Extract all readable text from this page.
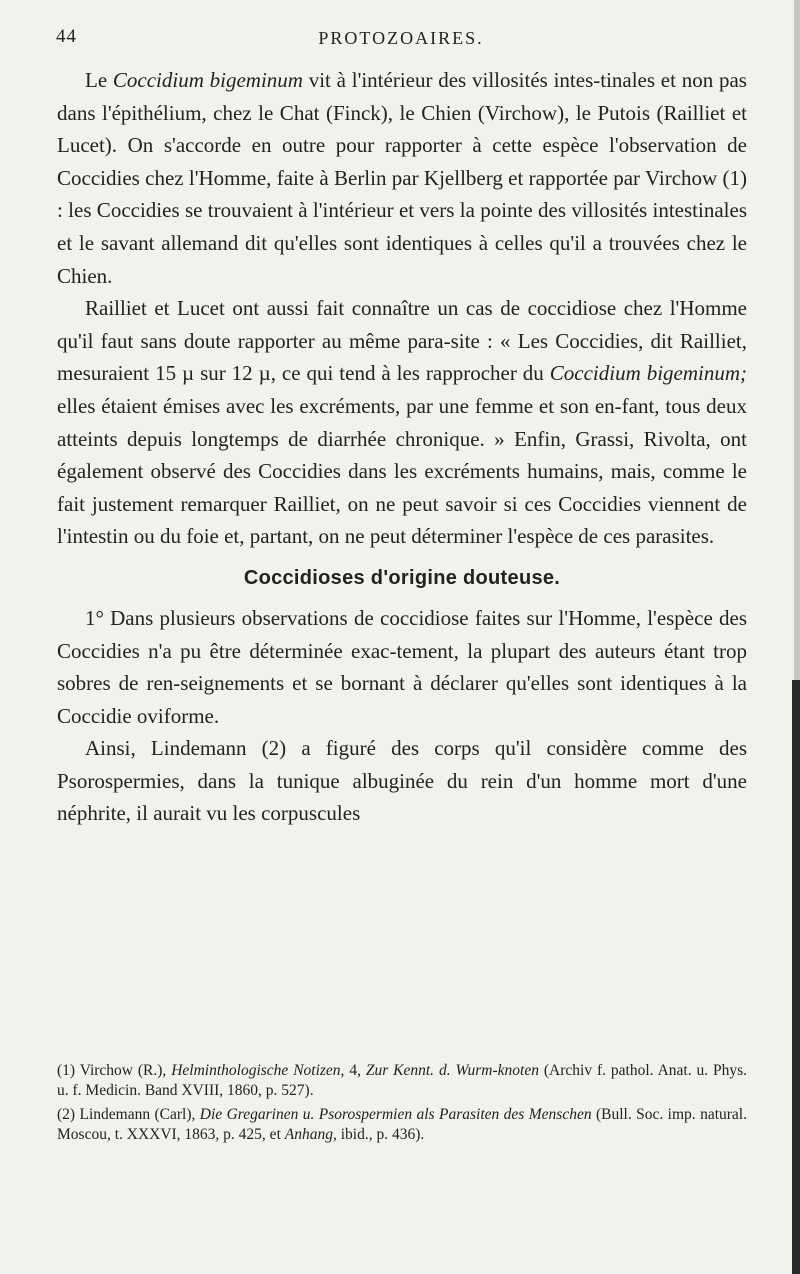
44	PROTOZOAIRES.

Le Coccidium bigeminum vit à l'intérieur des villosités intes-tinales et non pas dans l'épithélium, chez le Chat (Finck), le Chien (Virchow), le Putois (Railliet et Lucet). On s'accorde en outre pour rapporter à cette espèce l'observation de Coccidies chez l'Homme, faite à Berlin par Kjellberg et rapportée par Virchow (1) : les Coccidies se trouvaient à l'intérieur et vers la pointe des villosités intestinales et le savant allemand dit qu'elles sont identiques à celles qu'il a trouvées chez le Chien.

Railliet et Lucet ont aussi fait connaître un cas de coccidiose chez l'Homme qu'il faut sans doute rapporter au même para-site : « Les Coccidies, dit Railliet, mesuraient 15 µ sur 12 µ, ce qui tend à les rapprocher du Coccidium bigeminum; elles étaient émises avec les excréments, par une femme et son en-fant, tous deux atteints depuis longtemps de diarrhée chronique. » Enfin, Grassi, Rivolta, ont également observé des Coccidies dans les excréments humains, mais, comme le fait justement remarquer Railliet, on ne peut savoir si ces Coccidies viennent de l'intestin ou du foie et, partant, on ne peut déterminer l'espèce de ces parasites.

Coccidioses d'origine douteuse.

1° Dans plusieurs observations de coccidiose faites sur l'Homme, l'espèce des Coccidies n'a pu être déterminée exac-tement, la plupart des auteurs étant trop sobres de ren-seignements et se bornant à déclarer qu'elles sont identiques à la Coccidie oviforme.

Ainsi, Lindemann (2) a figuré des corps qu'il considère comme des Psorospermies, dans la tunique albuginée du rein d'un homme mort d'une néphrite, il aurait vu les corpuscules

(1) Virchow (R.), Helminthologische Notizen, 4, Zur Kennt. d. Wurm-knoten (Archiv f. pathol. Anat. u. Phys. u. f. Medicin. Band XVIII, 1860, p. 527).

(2) Lindemann (Carl), Die Gregarinen u. Psorospermien als Parasiten des Menschen (Bull. Soc. imp. natural. Moscou, t. XXXVI, 1863, p. 425, et Anhang, ibid., p. 436).
